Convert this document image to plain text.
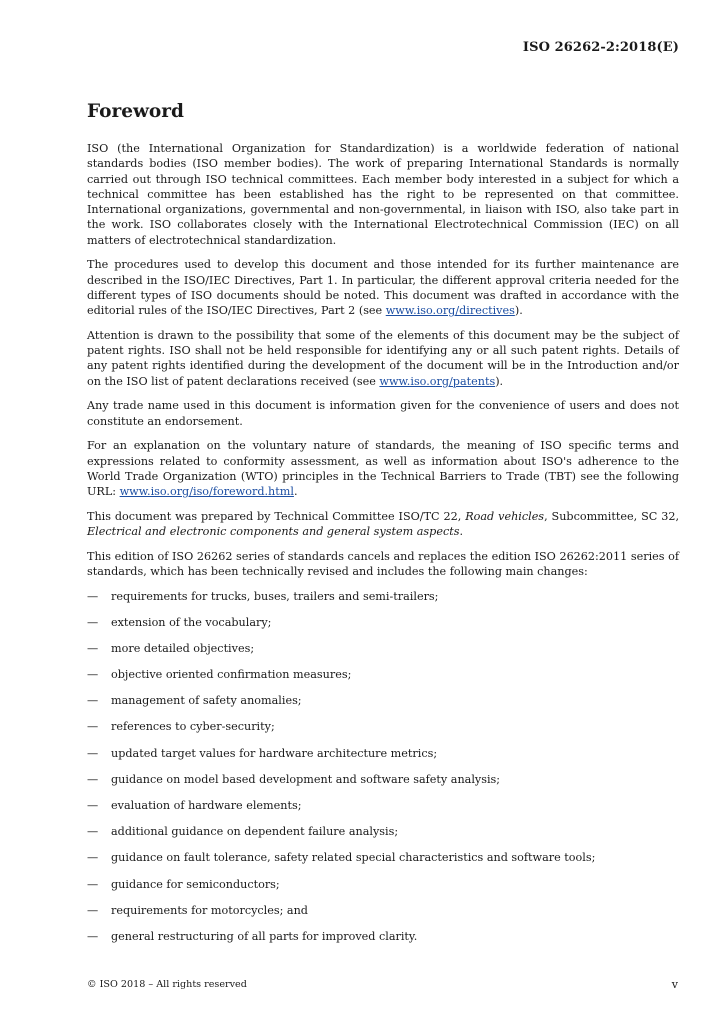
ISO 26262-2:2018(E)
Foreword

ISO (the International Organization for Standardization) is a worldwide federation of national standards bodies (ISO member bodies). The work of preparing International Standards is normally carried out through ISO technical committees. Each member body interested in a subject for which a technical committee has been established has the right to be represented on that committee. International organizations, governmental and non-governmental, in liaison with ISO, also take part in the work. ISO collaborates closely with the International Electrotechnical Commission (IEC) on all matters of electrotechnical standardization.

The procedures used to develop this document and those intended for its further maintenance are described in the ISO/IEC Directives, Part 1. In particular, the different approval criteria needed for the different types of ISO documents should be noted. This document was drafted in accordance with the editorial rules of the ISO/IEC Directives, Part 2 (see www.iso.org/directives).

Attention is drawn to the possibility that some of the elements of this document may be the subject of patent rights. ISO shall not be held responsible for identifying any or all such patent rights. Details of any patent rights identified during the development of the document will be in the Introduction and/or on the ISO list of patent declarations received (see www.iso.org/patents).

Any trade name used in this document is information given for the convenience of users and does not constitute an endorsement.

For an explanation on the voluntary nature of standards, the meaning of ISO specific terms and expressions related to conformity assessment, as well as information about ISO's adherence to the World Trade Organization (WTO) principles in the Technical Barriers to Trade (TBT) see the following URL: www.iso.org/iso/foreword.html.

This document was prepared by Technical Committee ISO/TC 22, Road vehicles, Subcommittee, SC 32, Electrical and electronic components and general system aspects.

This edition of ISO 26262 series of standards cancels and replaces the edition ISO 26262:2011 series of standards, which has been technically revised and includes the following main changes:

—	requirements for trucks, buses, trailers and semi-trailers;
—	extension of the vocabulary;
—	more detailed objectives;
—	objective oriented confirmation measures;
—	management of safety anomalies;
—	references to cyber-security;
—	updated target values for hardware architecture metrics;
—	guidance on model based development and software safety analysis;
—	evaluation of hardware elements;
—	additional guidance on dependent failure analysis;
—	guidance on fault tolerance, safety related special characteristics and software tools;
—	guidance for semiconductors;
—	requirements for motorcycles; and
—	general restructuring of all parts for improved clarity.
© ISO 2018 – All rights reserved	v
